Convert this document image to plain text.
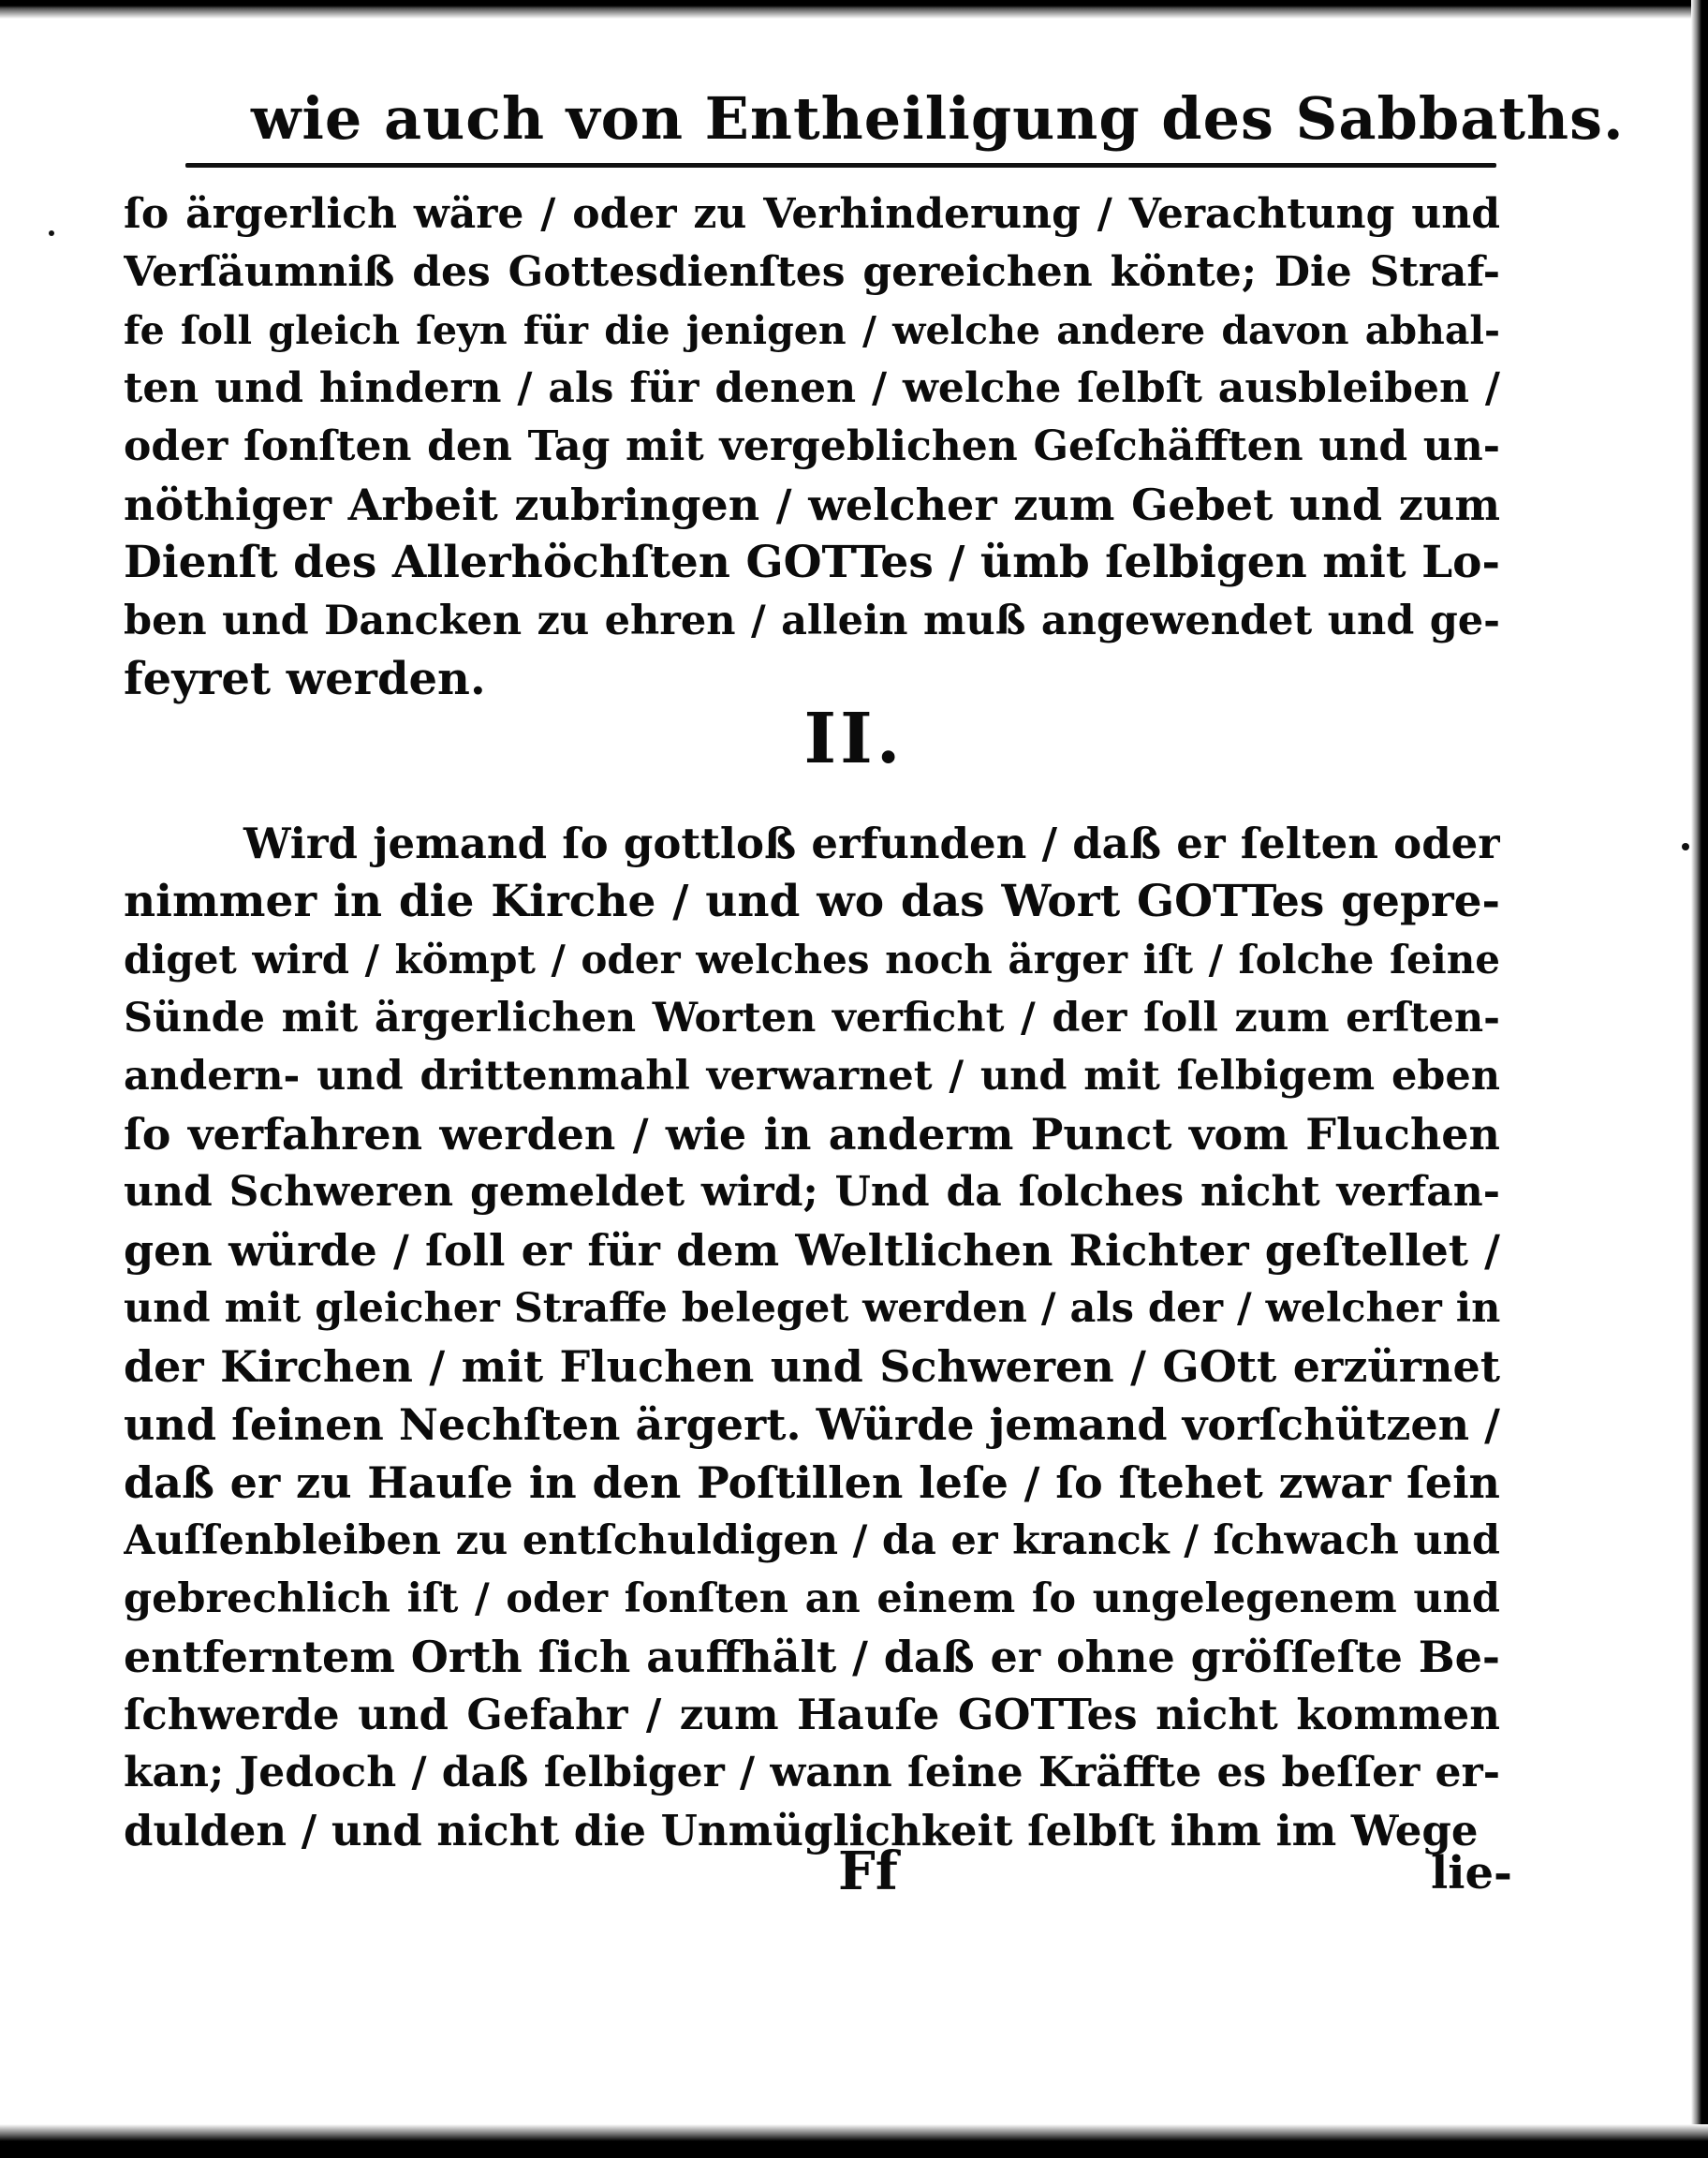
wie auch von Entheiligung des Sabbaths.
ſo ärgerlich wäre / oder zu Verhinderung / Verachtung und
Verſäumniß des Gottesdienſtes gereichen könte; Die Straf-
fe ſoll gleich ſeyn für die jenigen / welche andere davon abhal-
ten und hindern / als für denen / welche ſelbſt ausbleiben /
oder ſonſten den Tag mit vergeblichen Geſchäfften und un-
nöthiger Arbeit zubringen / welcher zum Gebet und zum
Dienſt des Allerhöchſten GOTTes / ümb ſelbigen mit Lo-
ben und Dancken zu ehren / allein muß angewendet und ge-
feyret werden.
II.
Wird jemand ſo gottloß erfunden / daß er ſelten oder
nimmer in die Kirche / und wo das Wort GOTTes gepre-
diget wird / kömpt / oder welches noch ärger iſt / ſolche ſeine
Sünde mit ärgerlichen Worten verficht / der ſoll zum erſten-
andern- und drittenmahl verwarnet / und mit ſelbigem eben
ſo verfahren werden / wie in anderm Punct vom Fluchen
und Schweren gemeldet wird; Und da ſolches nicht verfan-
gen würde / ſoll er für dem Weltlichen Richter geſtellet /
und mit gleicher Straffe beleget werden / als der / welcher in
der Kirchen / mit Fluchen und Schweren / GOtt erzürnet
und ſeinen Nechſten ärgert. Würde jemand vorſchützen /
daß er zu Hauſe in den Poſtillen leſe / ſo ſtehet zwar ſein
Auſſenbleiben zu entſchuldigen / da er kranck / ſchwach und
gebrechlich iſt / oder ſonſten an einem ſo ungelegenem und
entferntem Orth ſich auffhält / daß er ohne gröſſeſte Be-
ſchwerde und Gefahr / zum Hauſe GOTTes nicht kommen
kan; Jedoch / daß ſelbiger / wann ſeine Kräffte es beſſer er-
dulden / und nicht die Unmüglichkeit ſelbſt ihm im Wege
Ff	lie-
